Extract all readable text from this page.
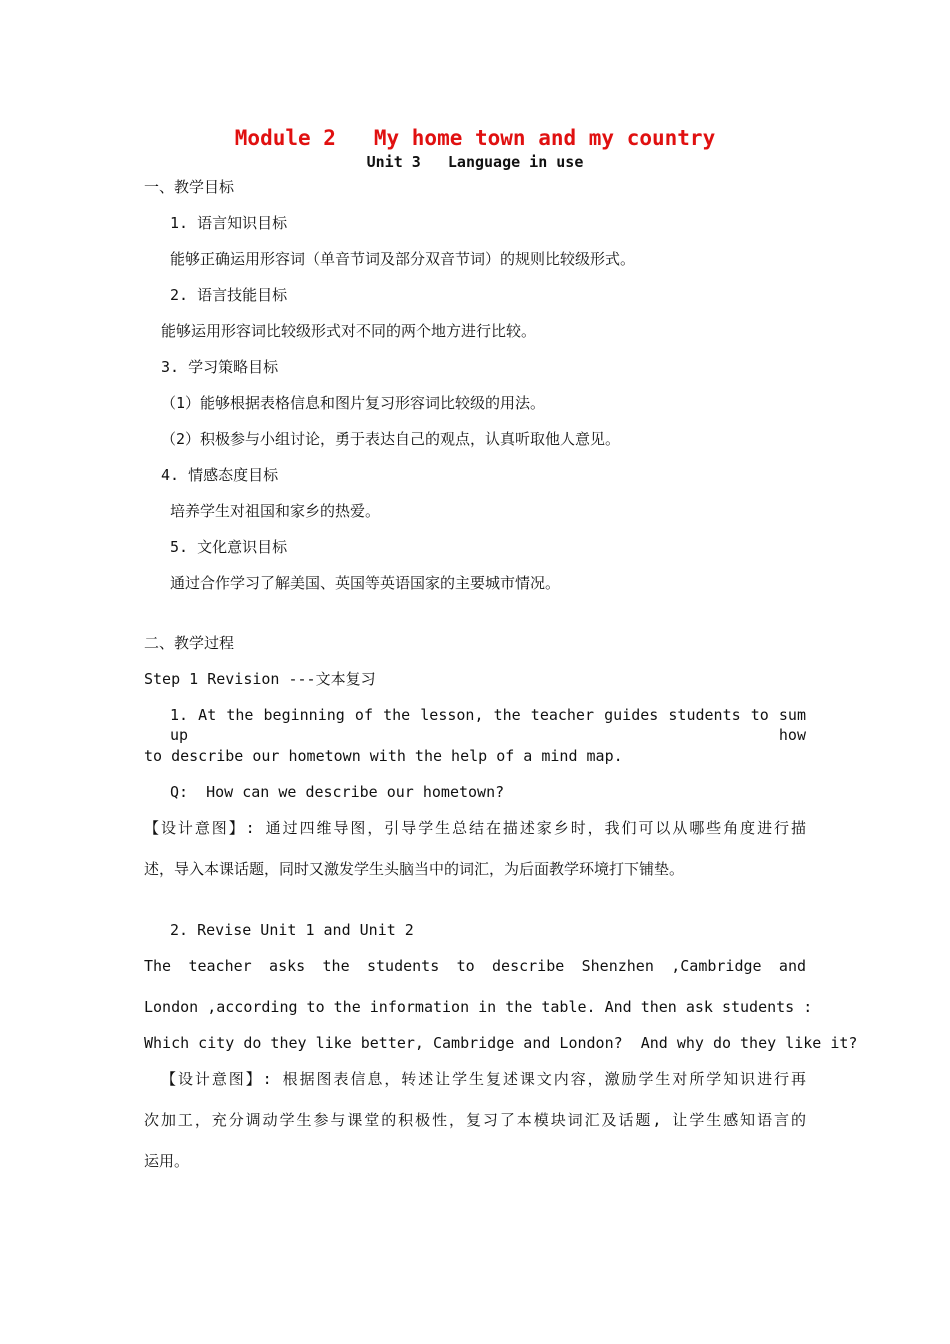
Module 2   My home town and my country
Unit 3   Language in use
一、教学目标
1. 语言知识目标
能够正确运用形容词（单音节词及部分双音节词）的规则比较级形式。
2. 语言技能目标
能够运用形容词比较级形式对不同的两个地方进行比较。
3. 学习策略目标
（1）能够根据表格信息和图片复习形容词比较级的用法。
（2）积极参与小组讨论，勇于表达自己的观点，认真听取他人意见。
4. 情感态度目标
培养学生对祖国和家乡的热爱。
5. 文化意识目标
通过合作学习了解美国、英国等英语国家的主要城市情况。
二、教学过程
Step 1 Revision ---文本复习
1. At the beginning of the lesson, the teacher guides students to sum up how
to describe our hometown with the help of a mind map.
Q:  How can we describe our hometown?
【设计意图】: 通过四维导图，引导学生总结在描述家乡时，我们可以从哪些角度进行描
述，导入本课话题，同时又激发学生头脑当中的词汇，为后面教学环境打下铺垫。
2. Revise Unit 1 and Unit 2
The teacher asks the students to describe Shenzhen ,Cambridge and
London ,according to the information in the table. And then ask students :
Which city do they like better, Cambridge and London?  And why do they like it?
【设计意图】: 根据图表信息，转述让学生复述课文内容，激励学生对所学知识进行再
次加工，充分调动学生参与课堂的积极性，复习了本模块词汇及话题, 让学生感知语言的
运用。
